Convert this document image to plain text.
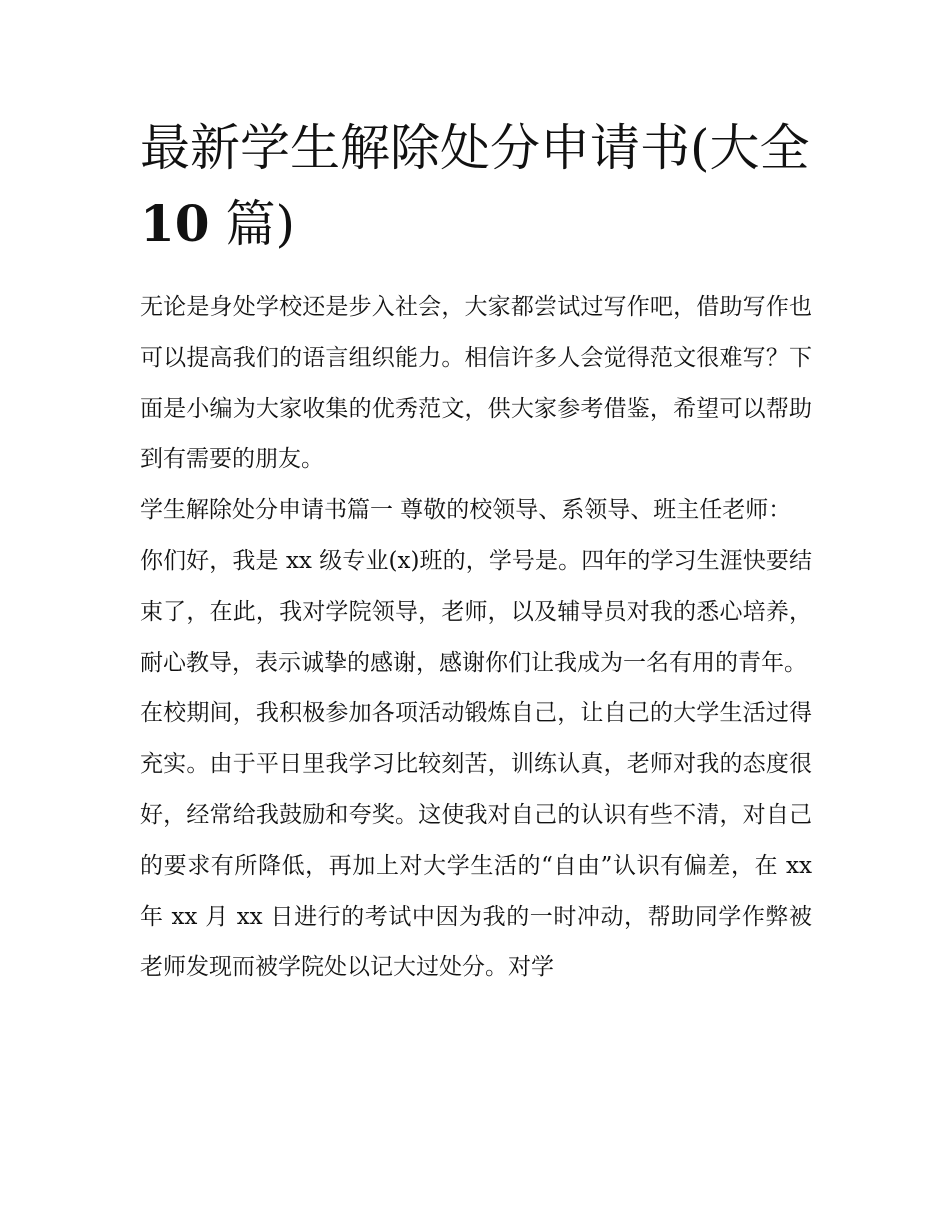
最新学生解除处分申请书(大全
10 篇)

无论是身处学校还是步入社会，大家都尝试过写作吧，借助写作也可以提高我们的语言组织能力。相信许多人会觉得范文很难写？下面是小编为大家收集的优秀范文，供大家参考借鉴，希望可以帮助到有需要的朋友。

学生解除处分申请书篇一 尊敬的校领导、系领导、班主任老师：

你们好，我是 xx 级专业(x)班的，学号是。四年的学习生涯快要结束了，在此，我对学院领导，老师，以及辅导员对我的悉心培养，耐心教导，表示诚挚的感谢，感谢你们让我成为一名有用的青年。

在校期间，我积极参加各项活动锻炼自己，让自己的大学生活过得充实。由于平日里我学习比较刻苦，训练认真，老师对我的态度很好，经常给我鼓励和夸奖。这使我对自己的认识有些不清，对自己的要求有所降低，再加上对大学生活的“自由”认识有偏差，在 xx 年 xx 月 xx 日进行的考试中因为我的一时冲动，帮助同学作弊被老师发现而被学院处以记大过处分。对学
